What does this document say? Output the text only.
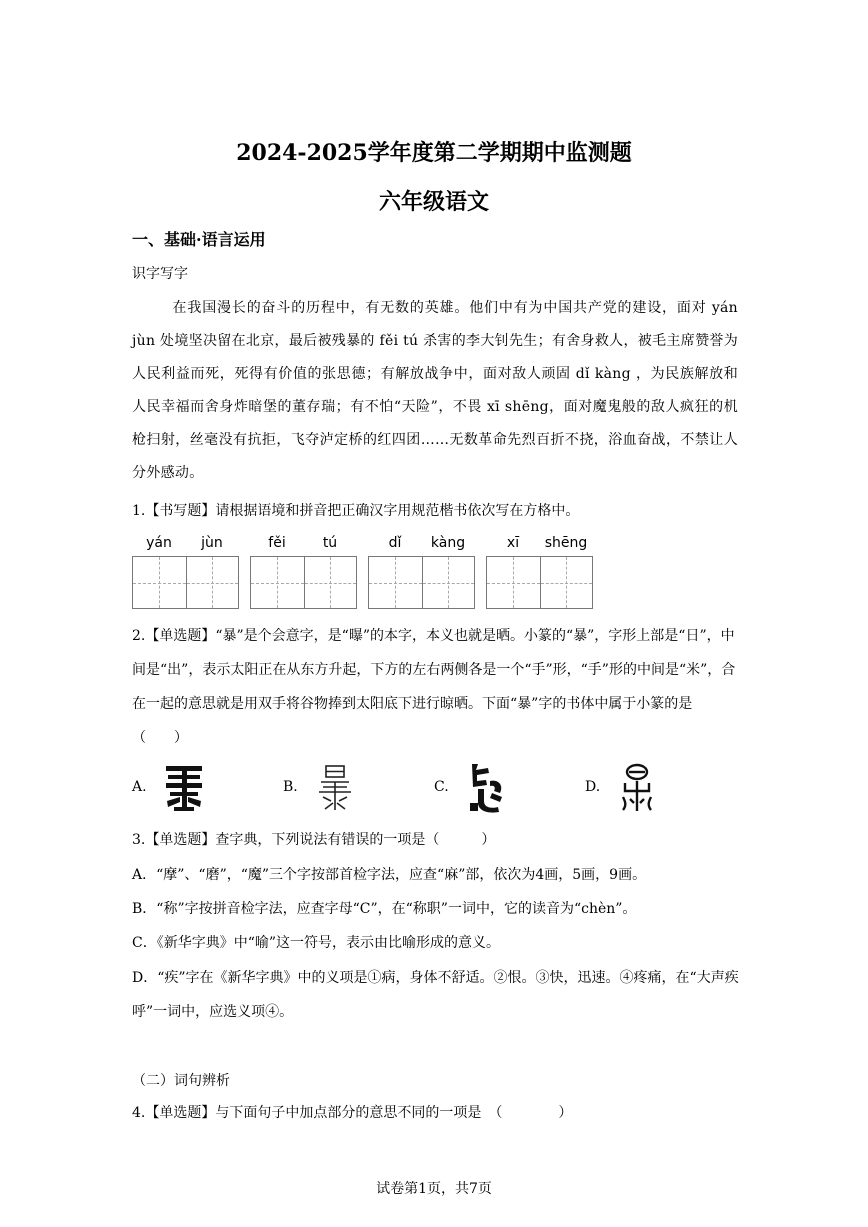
2024-2025学年度第二学期期中监测题
六年级语文
一、基础·语言运用
识字写字
在我国漫长的奋斗的历程中，有无数的英雄。他们中有为中国共产党的建设，面对 yán jùn 处境坚决留在北京，最后被残暴的 fěi tú 杀害的李大钊先生；有舍身救人，被毛主席赞誉为人民利益而死，死得有价值的张思德；有解放战争中，面对敌人顽固 dǐ kàng ，为民族解放和人民幸福而舍身炸暗堡的董存瑞；有不怕“天险”，不畏 xī shēng，面对魔鬼般的敌人疯狂的机枪扫射，丝毫没有抗拒，飞夺泸定桥的红四团……无数革命先烈百折不挠，浴血奋战，不禁让人分外感动。
1.【书写题】请根据语境和拼音把正确汉字用规范楷书依次写在方格中。
yán	jùn	fěi	tú	dǐ	kàng	xī	shēng
2.【单选题】“暴”是个会意字，是“曝”的本字，本义也就是晒。小篆的“暴”，字形上部是“日”，中间是“出”，表示太阳正在从东方升起，下方的左右两侧各是一个“手”形，“手”形的中间是“米”，合在一起的意思就是用双手将谷物捧到太阳底下进行晾晒。下面“暴”字的书体中属于小篆的是（　　）
A.	B.	C.	D.
3.【单选题】查字典，下列说法有错误的一项是（　　　）
A．“摩”、“磨”，“魔”三个字按部首检字法，应查“麻”部，依次为4画，5画，9画。
B．“称”字按拼音检字法，应查字母“C”，在“称职”一词中，它的读音为“chèn”。
C．《新华字典》中“喻”这一符号，表示由比喻形成的意义。
D．“疾”字在《新华字典》中的义项是①病，身体不舒适。②恨。③快，迅速。④疼痛，在“大声疾呼”一词中，应选义项④。
（二）词句辨析
4.【单选题】与下面句子中加点部分的意思不同的一项是　（　　　　）
试卷第1页，共7页
